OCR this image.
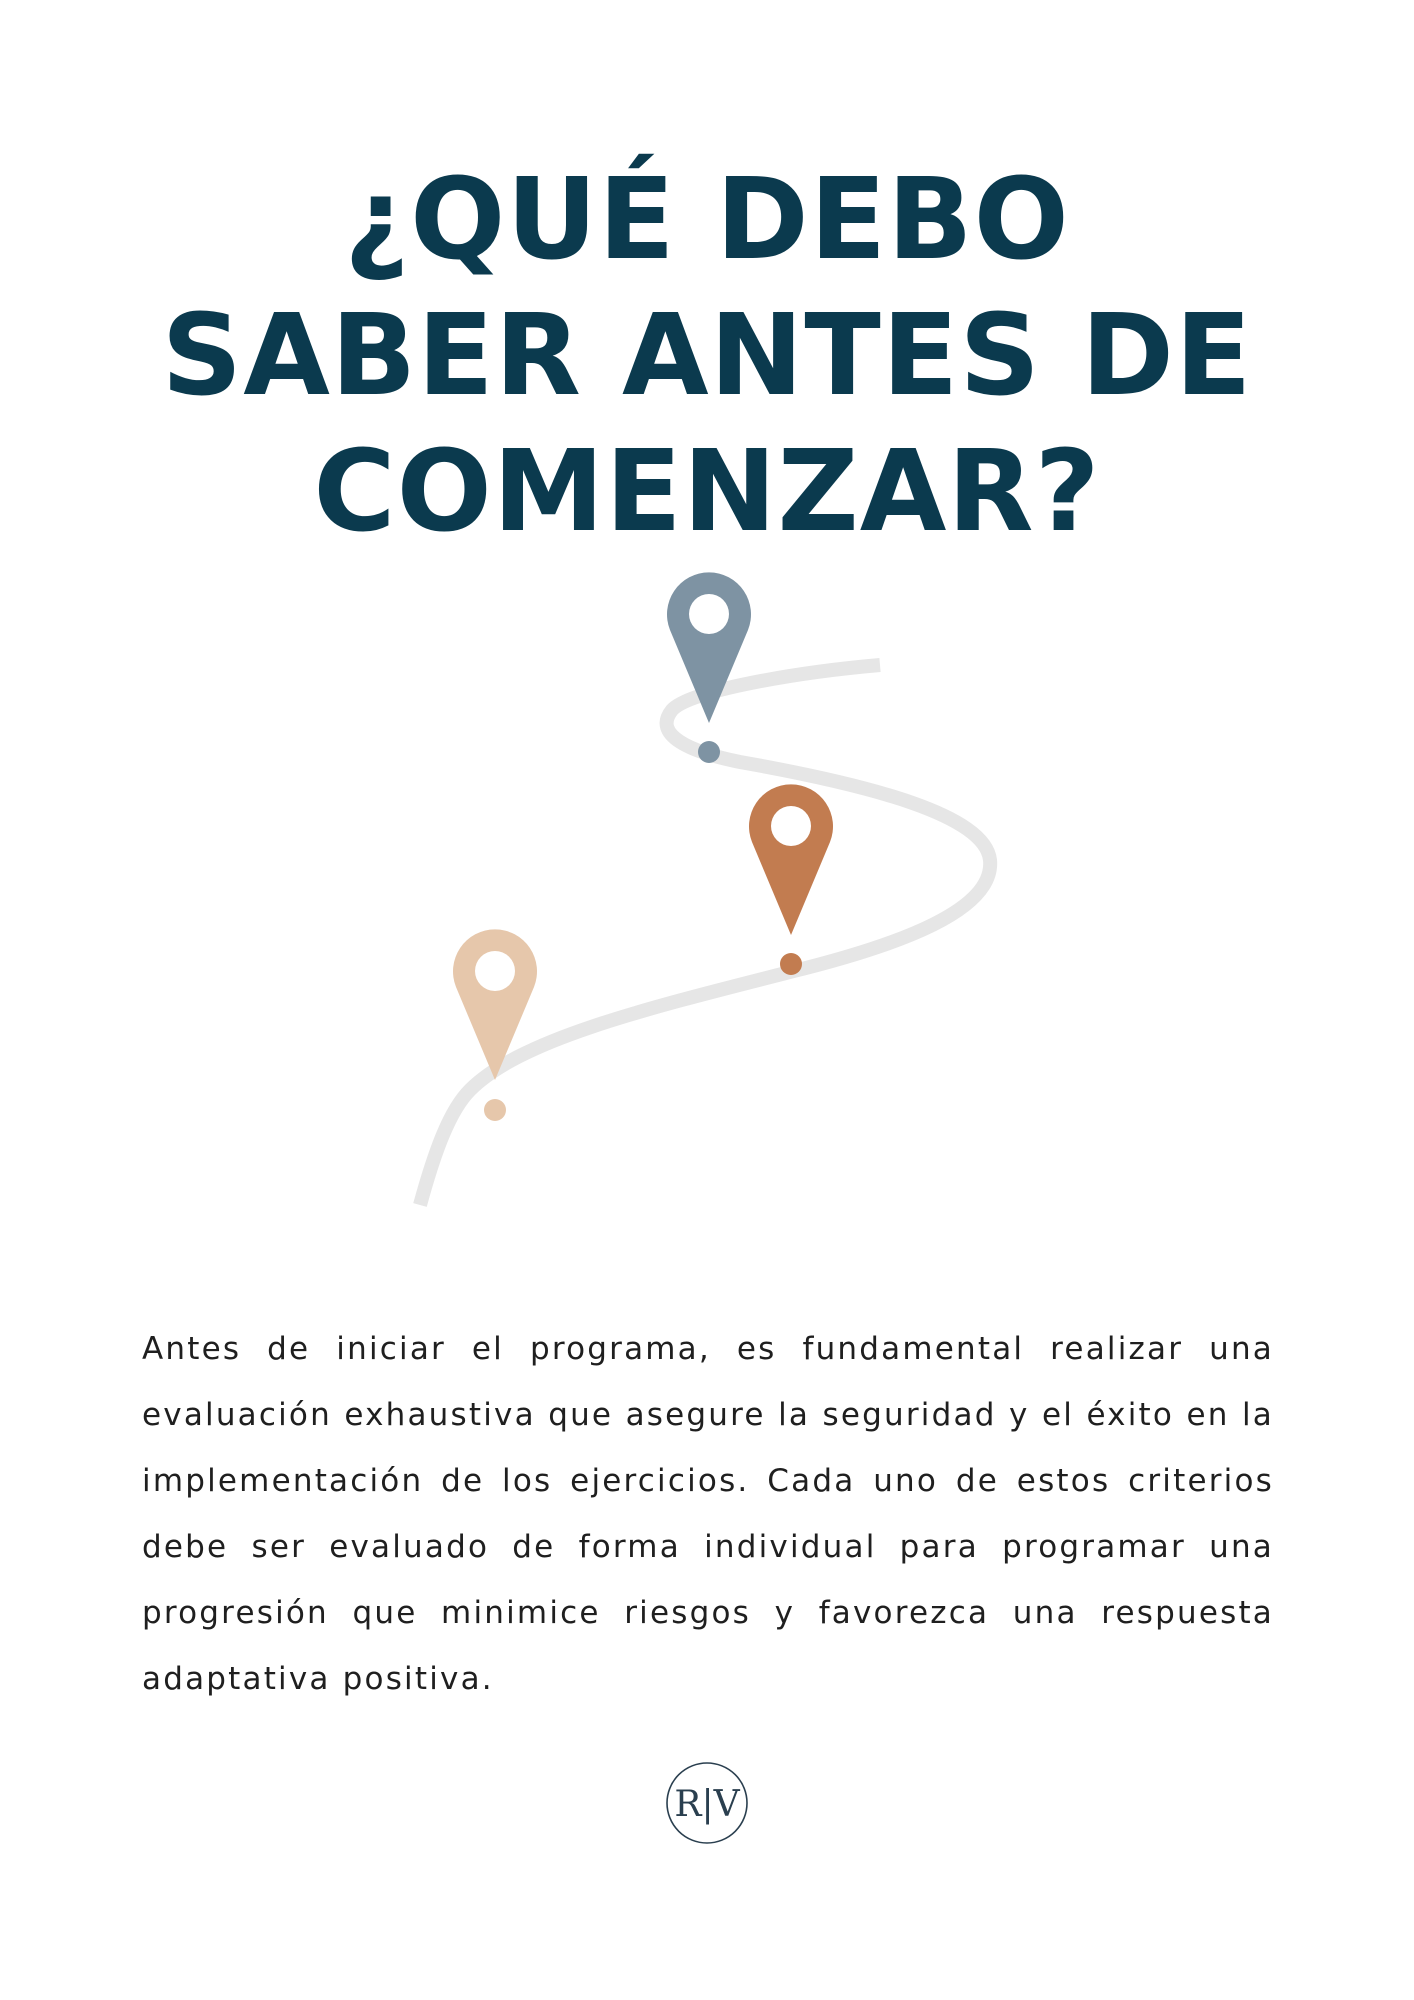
¿QUÉ DEBO
SABER ANTES DE
COMENZAR?

Antes de iniciar el programa, es fundamental realizar una evaluación exhaustiva que asegure la seguridad y el éxito en la implementación de los ejercicios. Cada uno de estos criterios debe ser evaluado de forma individual para programar una progresión que minimice riesgos y favorezca una respuesta adaptativa positiva.

R|V
